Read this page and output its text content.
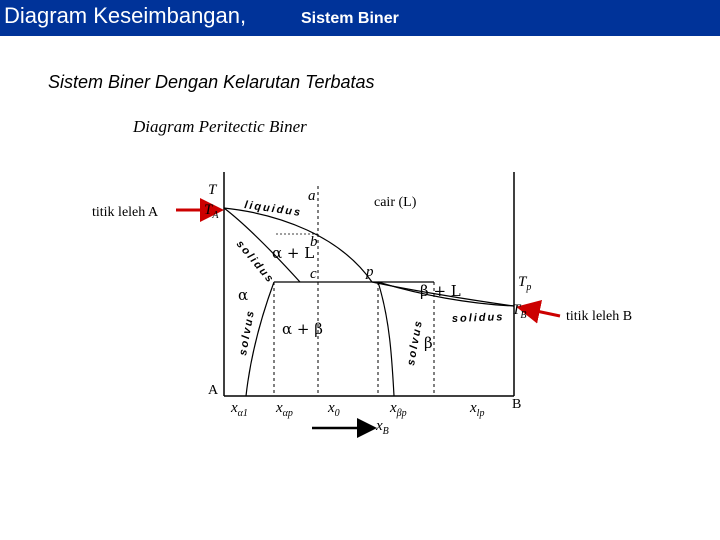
Diagram Keseimbangan,	Sistem Biner
Sistem Biner Dengan Kelarutan Terbatas
Diagram Peritectic Biner
titik leleh A
titik leleh B
T
$T_A$
$T_p$
$T_B$
cair (L)
a
b
c	p
α + L
α	β + L
α + β
β
liquidus
solidus
solvus	solidus
solvus
A
B
$x_{\alpha 1}$ $x_{\alpha p}$ $x_0$	$x_{\beta p}$	$x_{lp}$
$x_B$
